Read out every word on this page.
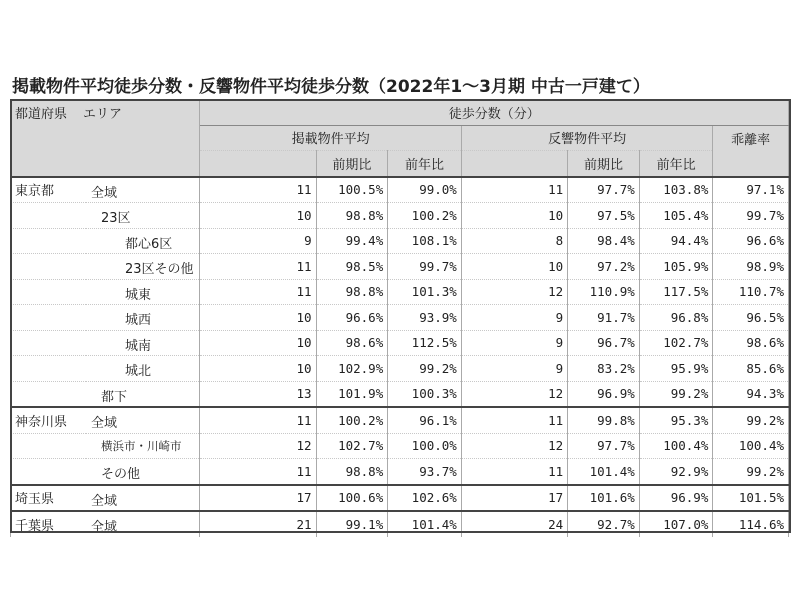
掲載物件平均徒歩分数・反響物件平均徒歩分数（2022年1～3月期 中古一戸建て）
都道府県 エリア	徒歩分数（分）						
	掲載物件平均			反響物件平均			乖離率
		前期比	前年比		前期比	前年比	
東京都 全域	11	100.5%	99.0%	11	97.7%	103.8%	97.1%

23区	10	98.8%	100.2%	10	97.5%	105.4%	99.7%

都心6区	9	99.4%	108.1%	8	98.4%	94.4%	96.6%

23区その他	11	98.5%	99.7%	10	97.2%	105.9%	98.9%

城東	11	98.8%	101.3%	12	110.9%	117.5%	110.7%

城西	10	96.6%	93.9%	9	91.7%	96.8%	96.5%

城南	10	98.6%	112.5%	9	96.7%	102.7%	98.6%

城北	10	102.9%	99.2%	9	83.2%	95.9%	85.6%

都下	13	101.9%	100.3%	12	96.9%	99.2%	94.3%
神奈川県 全域	11	100.2%	96.1%	11	99.8%	95.3%	99.2%

横浜市・川崎市	12	102.7%	100.0%	12	97.7%	100.4%	100.4%

その他	11	98.8%	93.7%	11	101.4%	92.9%	99.2%
埼玉県 全域	17	100.6%	102.6%	17	101.6%	96.9%	101.5%
千葉県 全域	21	99.1%	101.4%	24	92.7%	107.0%	114.6%
